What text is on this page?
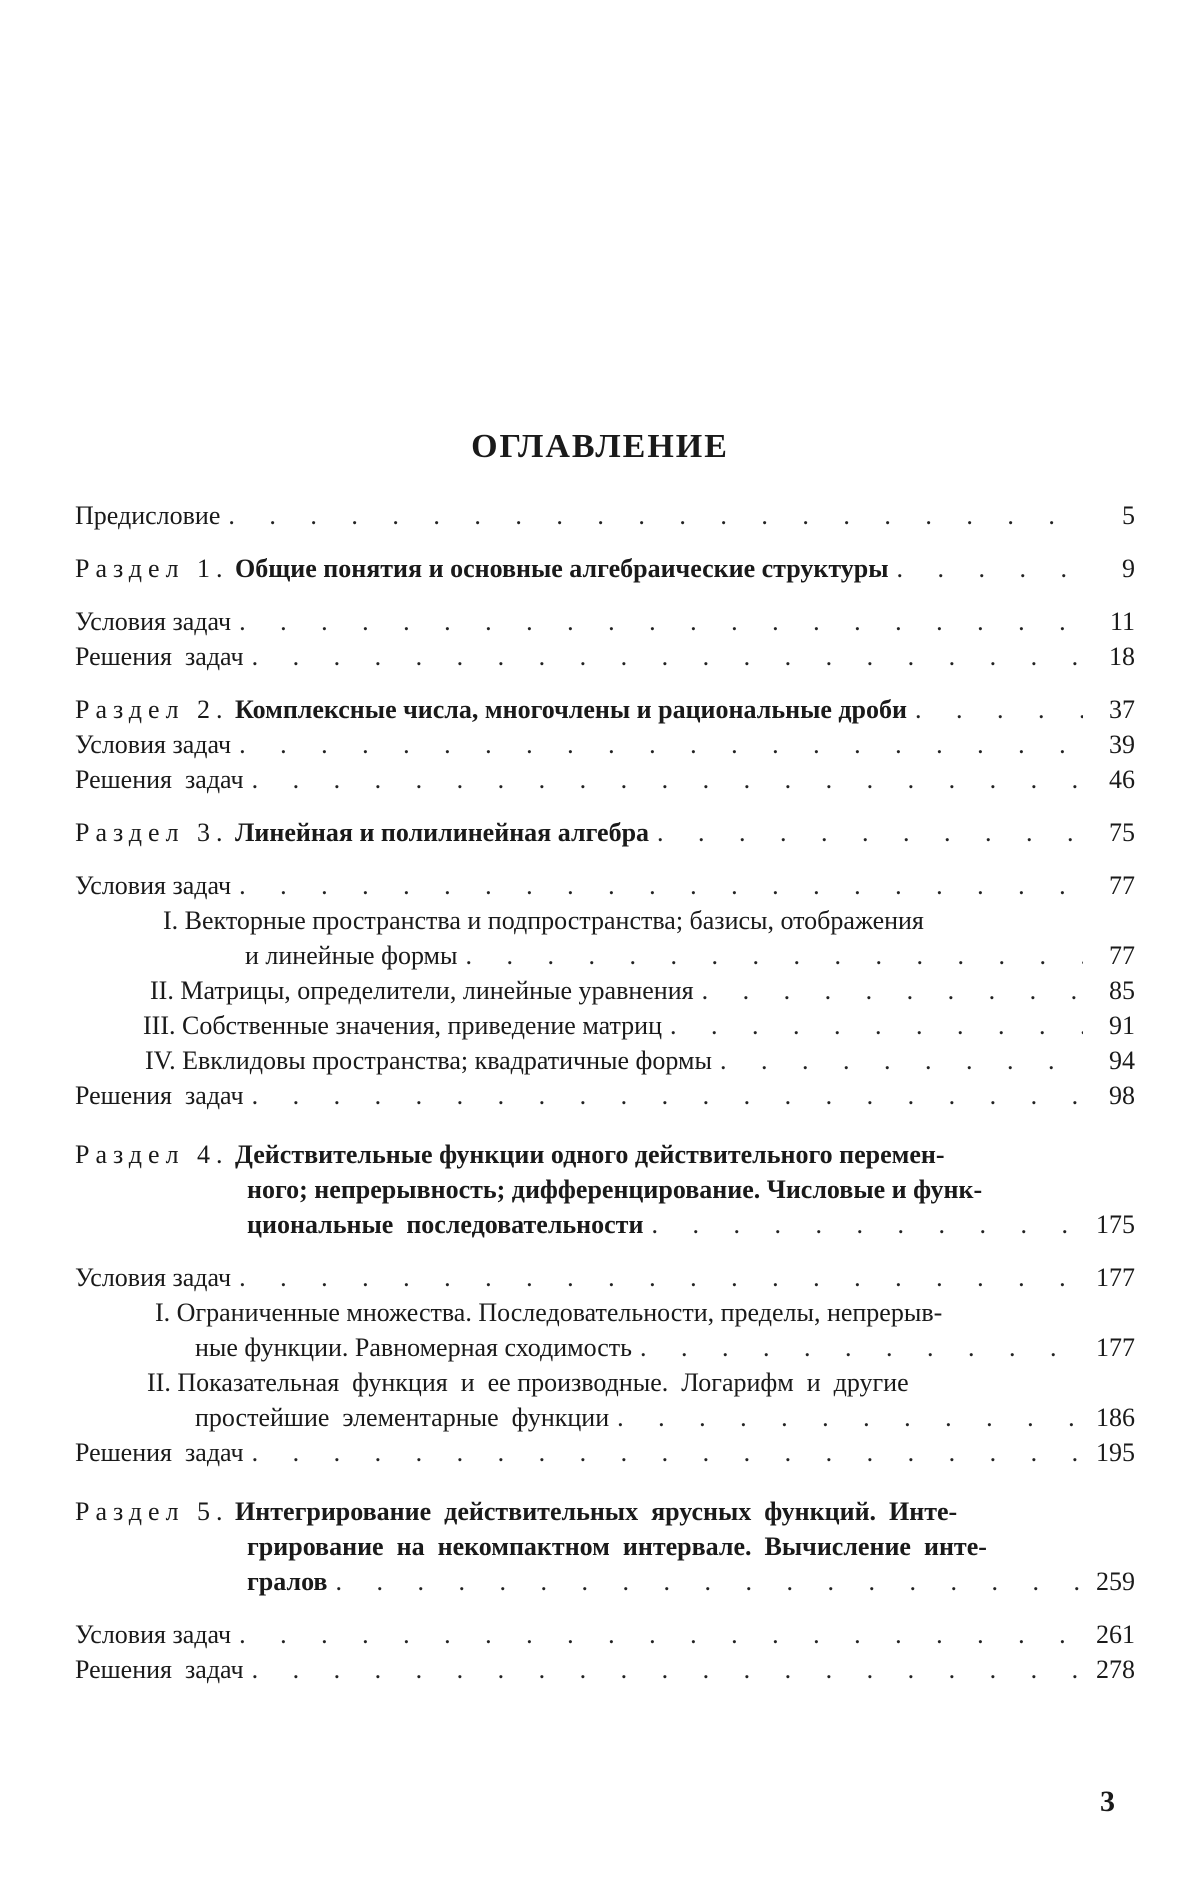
ОГЛАВЛЕНИЕ
Предисловие . . .	5
Раздел 1. Общие понятия и основные алгебраические структуры . . .	9
Условия задач . . .	11
Решения  задач . . .	18
Раздел 2. Комплексные числа, многочлены и рациональные дроби . . .	37
Условия задач . . .	39
Решения  задач . . .	46
Раздел 3. Линейная и полилинейная алгебра . . .	75
Условия задач . . .	77
I. Векторные пространства и подпространства; базисы, отображения
и линейные формы . . .	77
II. Матрицы, определители, линейные уравнения . . .	85
III. Собственные значения, приведение матриц . . .	91
IV. Евклидовы пространства; квадратичные формы . . .	94
Решения  задач . . .	98
Раздел 4. Действительные функции одного действительного перемен-
ного; непрерывность; дифференцирование. Числовые и функ-
циональные  последовательности . . .	175
Условия задач . . .	177
I. Ограниченные множества. Последовательности, пределы, непрерыв-
ные функции. Равномерная сходимость . . .	177
II. Показательная  функция  и  ее производные.  Логарифм  и  другие
простейшие  элементарные  функции . . .	186
Решения  задач . . .	195
Раздел 5. Интегрирование  действительных  ярусных  функций.  Инте-
грирование  на  некомпактном  интервале.  Вычисление  инте-
гралов . . .	259
Условия задач . . .	261
Решения  задач . . .	278
3
